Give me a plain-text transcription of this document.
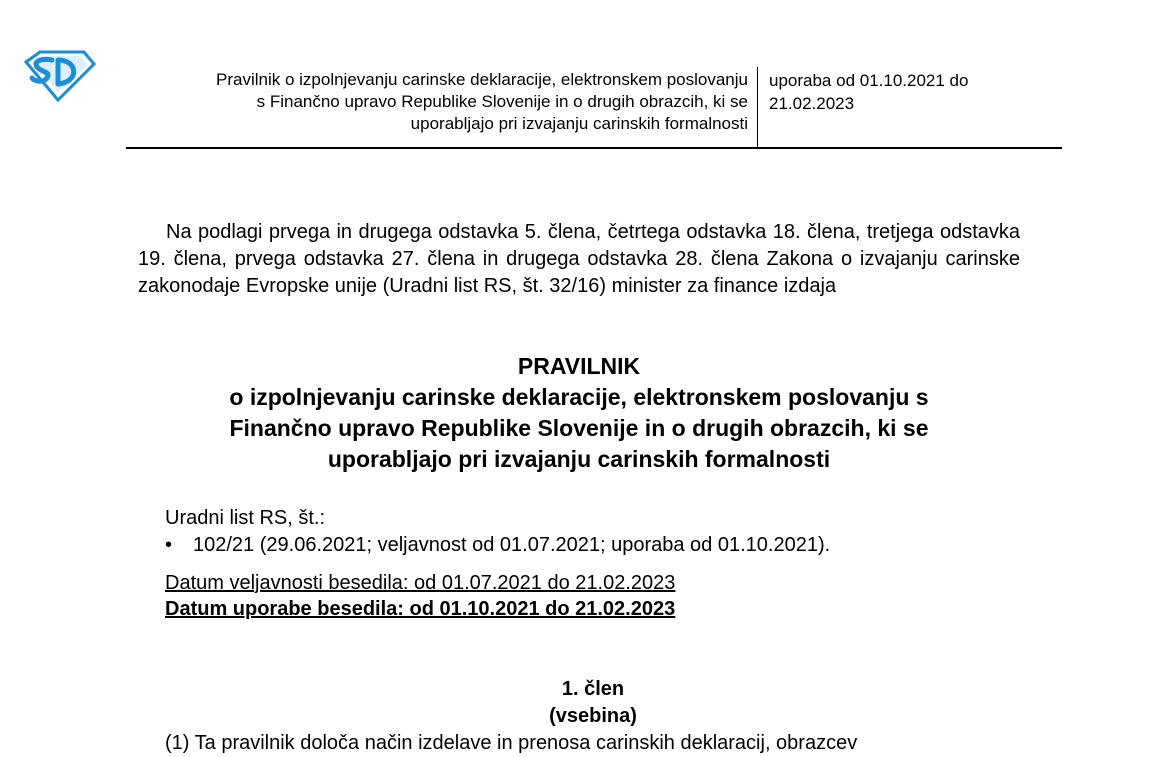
Pravilnik o izpolnjevanju carinske deklaracije, elektronskem poslovanju
s Finančno upravo Republike Slovenije in o drugih obrazcih, ki se
uporabljajo pri izvajanju carinskih formalnosti
uporaba od 01.10.2021 do
21.02.2023

Na podlagi prvega in drugega odstavka 5. člena, četrtega odstavka 18. člena, tretjega odstavka 19. člena, prvega odstavka 27. člena in drugega odstavka 28. člena Zakona o izvajanju carinske zakonodaje Evropske unije (Uradni list RS, št. 32/16) minister za finance izdaja

PRAVILNIK
o izpolnjevanju carinske deklaracije, elektronskem poslovanju s
Finančno upravo Republike Slovenije in o drugih obrazcih, ki se
uporabljajo pri izvajanju carinskih formalnosti
Uradni list RS, št.:
• 102/21 (29.06.2021; veljavnost od 01.07.2021; uporaba od 01.10.2021).
Datum veljavnosti besedila: od 01.07.2021 do 21.02.2023
Datum uporabe besedila: od 01.10.2021 do 21.02.2023
1. člen
(vsebina)
(1) Ta pravilnik določa način izdelave in prenosa carinskih deklaracij, obrazcev
